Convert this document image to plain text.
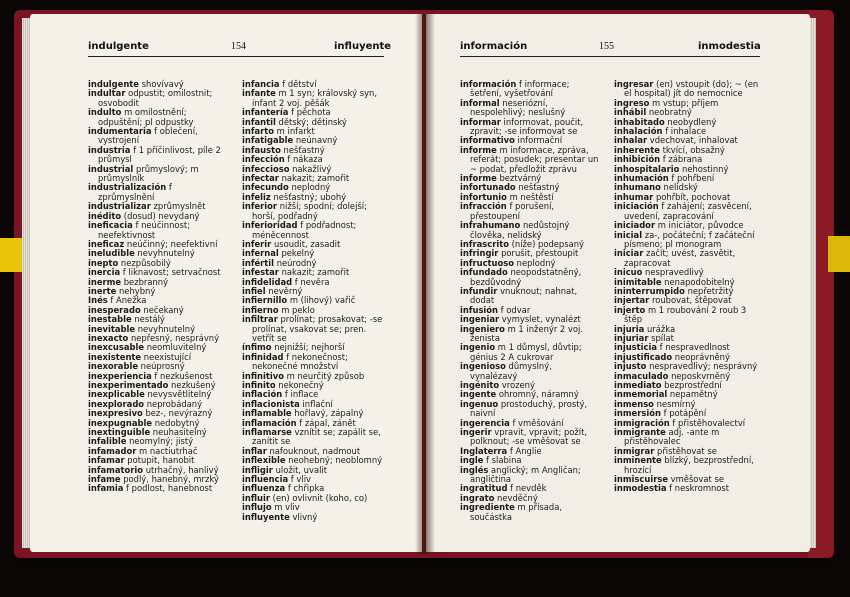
indulgente	154	influyente

indulgente shovívavý

indultar odpustit; omilostnit; osvobodit

indulto m omilostnění; odpuštění; pl odpustky

indumentaria f oblečení, vystrojení

industria f 1 příčinlivost, píle 2 průmysl

industrial průmyslový; m průmyslník

industrialización f zprůmyslnění

industrializar zprůmyslnět

inédito (dosud) nevydaný

ineficacia f neúčinnost; neefektivnost

ineficaz neúčinný; neefektivní

ineludible nevyhnutelný

inepto nezpůsobilý

inercia f liknavost; setrvačnost

inerme bezbranný

inerte nehybný

Inés f Anežka

inesperado nečekaný

inestable nestálý

inevitable nevyhnutelný

inexacto nepřesný, nesprávný

inexcusable neomluvitelný

inexistente neexistující

inexorable neúprosný

inexperiencia f nezkušenost

inexperimentado nezkušený

inexplicable nevysvětlitelný

inexplorado neprobádaný

inexpresivo bez-, nevýrazný

inexpugnable nedobytný

inextinguible neuhasitelný

infalible neomylný; jistý

infamador m nactiutrhač

infamar potupit, hanobit

infamatorio utrhačný, hanlivý

infame podlý, hanebný, mrzký

infamia f podlost, hanebnost

infancia f dětství

infante m 1 syn; královský syn, infant 2 voj. pěšák

infantería f pěchota

infantil dětský; dětinský

infarto m infarkt

infatigable neúnavný

infausto nešťastný

infección f nákaza

infeccioso nakažlivý

infectar nakazit; zamořit

infecundo neplodný

infeliz nešťastný; ubohý

inferior nižší; spodní; dolejší; horší, podřadný

inferioridad f podřadnost; méněcennost

inferir usoudit, zasadit

infernal pekelný

infértil neúrodný

infestar nakazit; zamořit

infidelidad f nevěra

infiel nevěrný

infiernillo m (lihový) vařič

infierno m peklo

infiltrar prolínat; prosakovat; -se prolínat, vsakovat se; pren. vetřít se

ínfimo nejnižší; nejhorší

infinidad f nekonečnost; nekonečné množství

infinitivo m neurčitý způsob

infinito nekonečný

inflación f inflace

inflacionista inflační

inflamable hořlavý, zápalný

inflamación f zápal, zánět

inflamarse vznítit se; zapálit se, zanítit se

inflar nafouknout, nadmout

inflexible neohebný; neoblomný

infligir uložit, uvalit

influencia f vliv

influenza f chřipka

influir (en) ovlivnit (koho, co)

influjo m vliv

influyente vlivný

información	155	inmodestia

información f informace; šetření, vyšetřování

informal neseriózní, nespolehlivý; neslušný

informar informovat, poučit, zpravit; -se informovat se

informativo informační

informe m informace, zpráva, referát; posudek; presentar un ~ podat, předložit zprávu

informe beztvárný

infortunado nešťastný

infortunio m neštěstí

infracción f porušení, přestoupení

infrahumano nedůstojný člověka, nelidský

infrascrito (níže) podepsaný

infringir porušit, přestoupit

infructuoso neplodný

infundado neopodstatněný, bezdůvodný

infundir vnuknout; nahnat, dodat

infusión f odvar

ingeniar vymyslet, vynalézt

ingeniero m 1 inženýr 2 voj. ženista

ingenio m 1 důmysl, důvtip; génius 2 A cukrovar

ingenioso důmyslný, vynalézavý

ingénito vrozený

ingente ohromný, náramný

ingenuo prostoduchý, prostý, naivní

ingerencia f vměšování

ingerir vpravit, vpravit; požít, polknout; -se vměšovat se

Inglaterra f Anglie

ingle f slabina

inglés anglický; m Angličan; angličtina

ingratitud f nevděk

ingrato nevděčný

ingrediente m přísada, součástka

ingresar (en) vstoupit (do); ~ (en el hospital) jít do nemocnice

ingreso m vstup; příjem

inhábil neobratný

inhabitado neobydlený

inhalación f inhalace

inhalar vdechovat, inhalovat

inherente tkvící, obsažný

inhibición f zábrana

inhospitalario nehostinný

inhumación f pohřbení

inhumano nelidský

inhumar pohřbít, pochovat

iniciación f zahájení; zasvěcení, uvedení, zapracování

iniciador m iniciátor, původce

inicial za-, počáteční; f začáteční písmeno; pl monogram

iniciar začít; uvést, zasvětit, zapracovat

inicuo nespravedlivý

inimitable nenapodobitelný

ininterrumpido nepřetržitý

injertar roubovat, štěpovat

injerto m 1 roubování 2 roub 3 štěp

injuria urážka

injuriar spílat

injusticia f nespravedlnost

injustificado neoprávněný

injusto nespravedlivý; nesprávný

inmaculado neposkvrněný

inmediato bezprostřední

inmemorial nepamětný

inmenso nesmírný

inmersión f potápění

inmigración f přistěhovalectví

inmigrante adj. -ante m přistěhovalec

inmigrar přistěhovat se

inminente blízký, bezprostřední, hrozící

inmiscuirse vměšovat se

inmodestia f neskromnost
